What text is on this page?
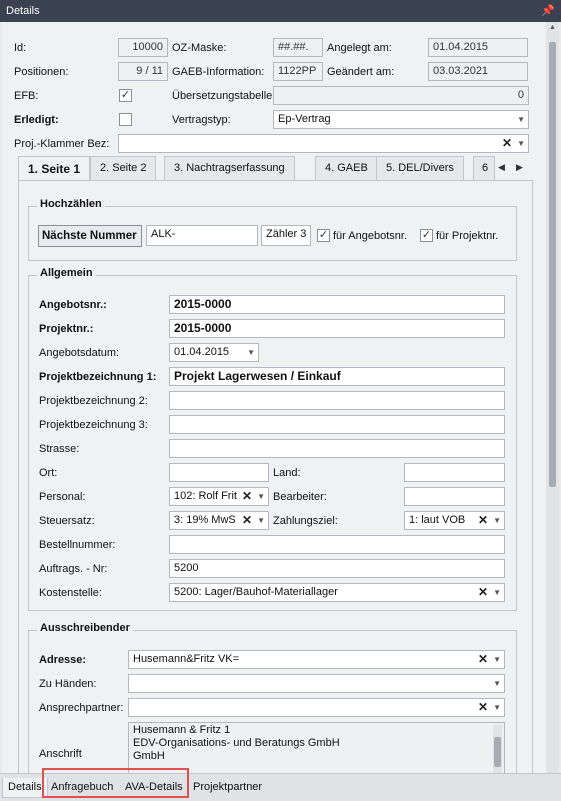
Details	📌
Id:	10000 OZ-Maske:	##.##.	Angelegt am:	01.04.2015
Positionen:	9 / 11 GAEB-Information:	1122PP Geändert am:	03.03.2021
EFB:	✓	Übersetzungstabelle	0
Erledigt:	Vertragstyp:	Ep-Vertrag	▼
Proj.-Klammer Bez:	✕ ▼
1. Seite 1	2. Seite 2	3. Nachtragserfassung	4. GAEB	5. DEL/Divers	6	◀ ▶
Hochzählen
Nächste Nummer	ALK-	Zähler 3	✓ für Angebotsnr. ✓ für Projektnr.
Allgemein
Angebotsnr.:	2015-0000
Projektnr.:	2015-0000
Angebotsdatum:	01.04.2015 ▼
Projektbezeichnung 1:	Projekt Lagerwesen / Einkauf
Projektbezeichnung 2:
Projektbezeichnung 3:
Strasse:
Ort:	Land:
Personal:	102: Rolf Frit ✕ ▼ Bearbeiter:
Steuersatz:	3: 19% MwS ✕ ▼ Zahlungsziel:	1: laut VOB ✕ ▼
Bestellnummer:
Auftrags. - Nr:	5200
Kostenstelle:	5200: Lager/Bauhof-Materiallager	✕ ▼
Ausschreibender
Adresse:	Husemann&Fritz VK=	✕ ▼
Zu Händen:	▼
Ansprechpartner:	✕ ▼
Anschrift
Husemann & Fritz 1
EDV-Organisations- und Beratungs GmbH
GmbH
▲
Details Anfragebuch	AVA-Details Projektpartner
